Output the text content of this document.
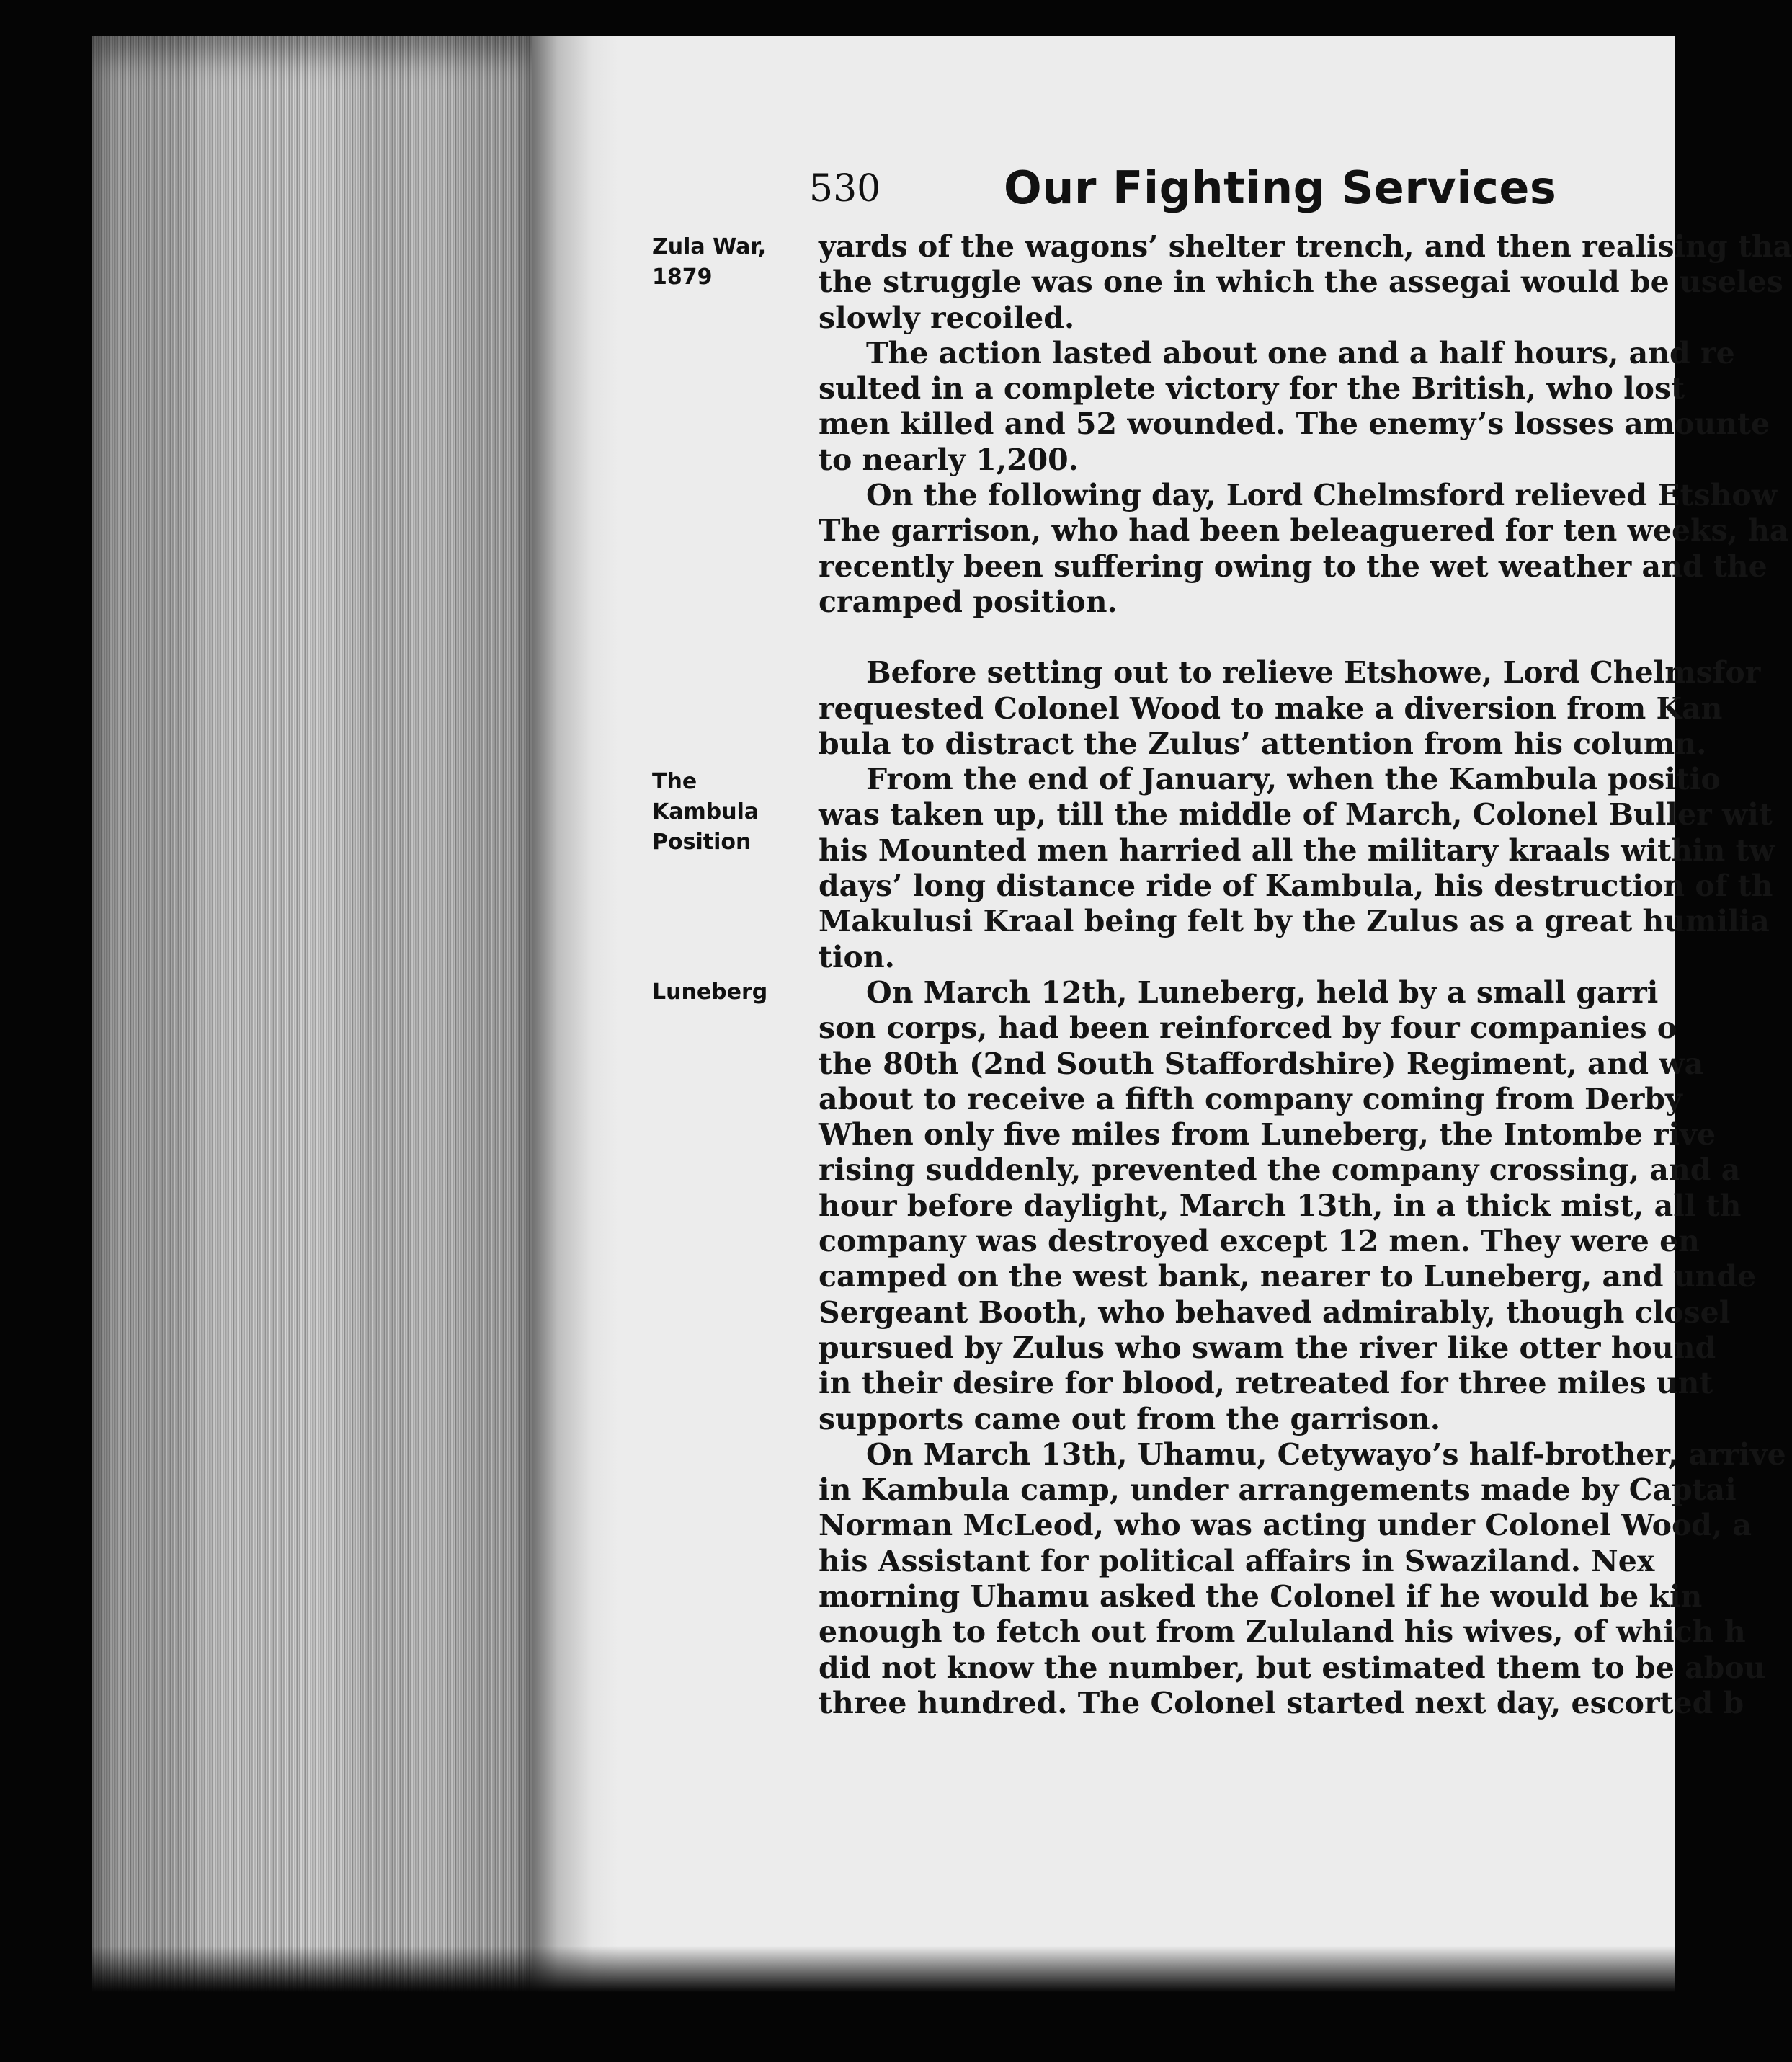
530	Our Fighting Services
Zula War,
1879
The
Kambula
Position
Luneberg
yards of the wagons’ shelter trench, and then realising tha
the struggle was one in which the assegai would be useles
slowly recoiled.
The action lasted about one and a half hours, and re
sulted in a complete victory for the British, who lost
men killed and 52 wounded. The enemy’s losses amounte
to nearly 1,200.
On the following day, Lord Chelmsford relieved Etshow
The garrison, who had been beleaguered for ten weeks, ha
recently been suffering owing to the wet weather and the
cramped position.
Before setting out to relieve Etshowe, Lord Chelmsfor
requested Colonel Wood to make a diversion from Kan
bula to distract the Zulus’ attention from his column.
From the end of January, when the Kambula positio
was taken up, till the middle of March, Colonel Buller wit
his Mounted men harried all the military kraals within tw
days’ long distance ride of Kambula, his destruction of th
Makulusi Kraal being felt by the Zulus as a great humilia
tion.
On March 12th, Luneberg, held by a small garri
son corps, had been reinforced by four companies o
the 80th (2nd South Staffordshire) Regiment, and wa
about to receive a fifth company coming from Derby
When only five miles from Luneberg, the Intombe rive
rising suddenly, prevented the company crossing, and a
hour before daylight, March 13th, in a thick mist, all th
company was destroyed except 12 men. They were en
camped on the west bank, nearer to Luneberg, and unde
Sergeant Booth, who behaved admirably, though closel
pursued by Zulus who swam the river like otter hound
in their desire for blood, retreated for three miles unt
supports came out from the garrison.
On March 13th, Uhamu, Cetywayo’s half-brother, arrive
in Kambula camp, under arrangements made by Captai
Norman McLeod, who was acting under Colonel Wood, a
his Assistant for political affairs in Swaziland. Nex
morning Uhamu asked the Colonel if he would be kin
enough to fetch out from Zululand his wives, of which h
did not know the number, but estimated them to be abou
three hundred. The Colonel started next day, escorted b
